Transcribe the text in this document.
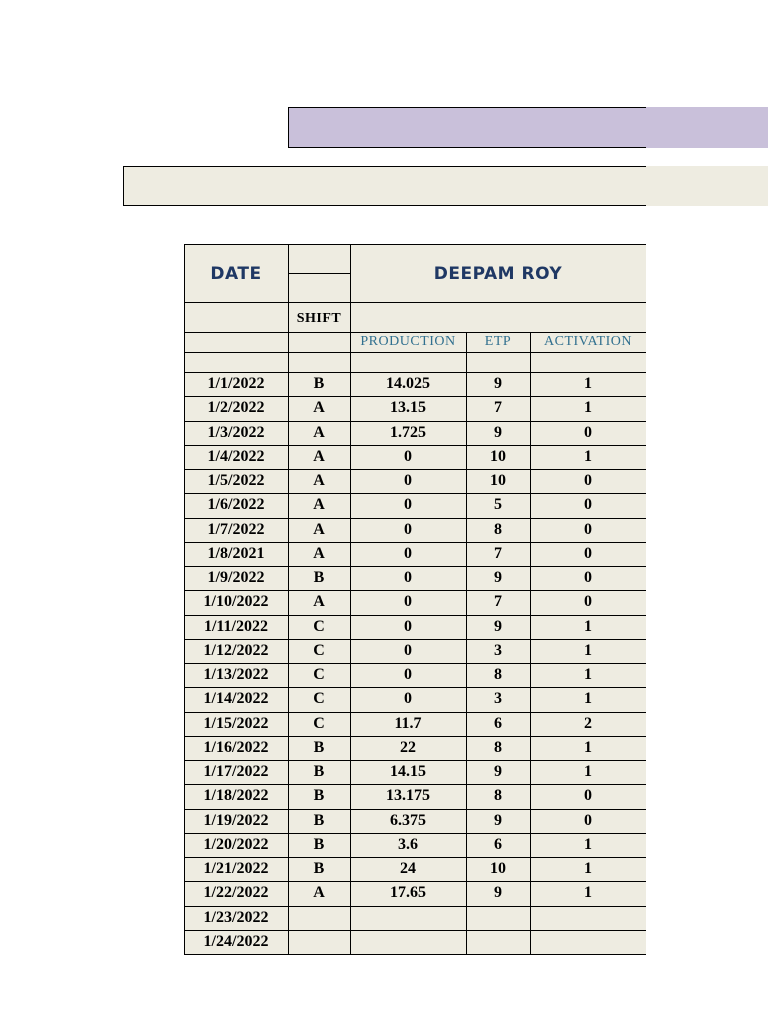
DATE	DEEPAM ROY
SHIFT
PRODUCTION	ETP	ACTIVATION
1/1/2022	B	14.025	9	1
1/2/2022	A	13.15	7	1
1/3/2022	A	1.725	9	0
1/4/2022	A	0	10	1
1/5/2022	A	0	10	0
1/6/2022	A	0	5	0
1/7/2022	A	0	8	0
1/8/2021	A	0	7	0
1/9/2022	B	0	9	0
1/10/2022	A	0	7	0
1/11/2022	C	0	9	1
1/12/2022	C	0	3	1
1/13/2022	C	0	8	1
1/14/2022	C	0	3	1
1/15/2022	C	11.7	6	2
1/16/2022	B	22	8	1
1/17/2022	B	14.15	9	1
1/18/2022	B	13.175	8	0
1/19/2022	B	6.375	9	0
1/20/2022	B	3.6	6	1
1/21/2022	B	24	10	1
1/22/2022	A	17.65	9	1
1/23/2022
1/24/2022
